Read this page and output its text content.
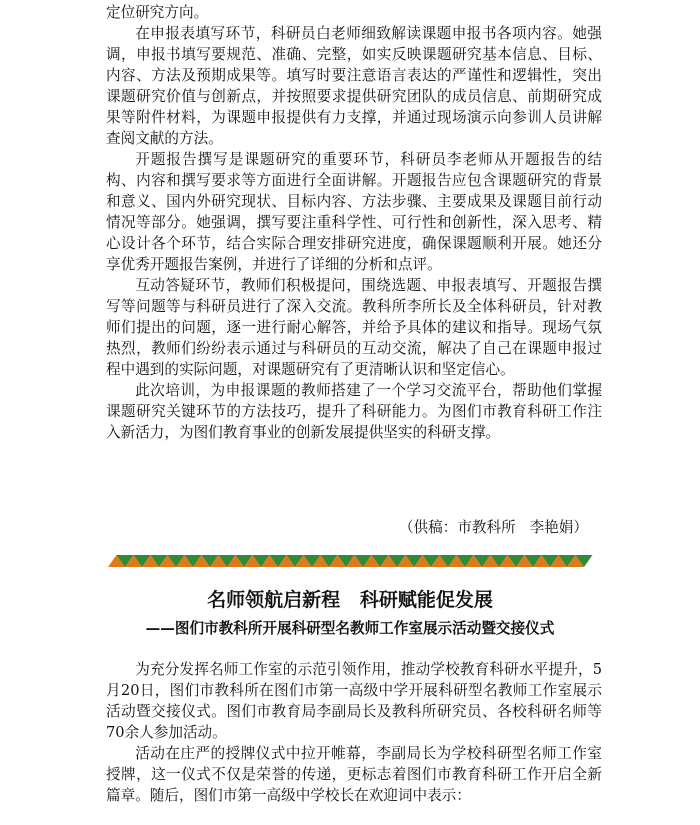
定位研究方向。

在申报表填写环节，科研员白老师细致解读课题申报书各项内容。她强调，申报书填写要规范、准确、完整，如实反映课题研究基本信息、目标、内容、方法及预期成果等。填写时要注意语言表达的严谨性和逻辑性，突出课题研究价值与创新点，并按照要求提供研究团队的成员信息、前期研究成果等附件材料，为课题申报提供有力支撑，并通过现场演示向参训人员讲解查阅文献的方法。

开题报告撰写是课题研究的重要环节，科研员李老师从开题报告的结构、内容和撰写要求等方面进行全面讲解。开题报告应包含课题研究的背景和意义、国内外研究现状、目标内容、方法步骤、主要成果及课题目前行动情况等部分。她强调，撰写要注重科学性、可行性和创新性，深入思考、精心设计各个环节，结合实际合理安排研究进度，确保课题顺利开展。她还分享优秀开题报告案例，并进行了详细的分析和点评。

互动答疑环节，教师们积极提问，围绕选题、申报表填写、开题报告撰写等问题等与科研员进行了深入交流。教科所李所长及全体科研员，针对教师们提出的问题，逐一进行耐心解答，并给予具体的建议和指导。现场气氛热烈，教师们纷纷表示通过与科研员的互动交流，解决了自己在课题申报过程中遇到的实际问题，对课题研究有了更清晰认识和坚定信心。

此次培训，为申报课题的教师搭建了一个学习交流平台，帮助他们掌握课题研究关键环节的方法技巧，提升了科研能力。为图们市教育科研工作注入新活力，为图们教育事业的创新发展提供坚实的科研支撑。

（供稿：市教科所   李艳娟）

名师领航启新程   科研赋能促发展
——图们市教科所开展科研型名教师工作室展示活动暨交接仪式

为充分发挥名师工作室的示范引领作用，推动学校教育科研水平提升，5月20日，图们市教科所在图们市第一高级中学开展科研型名教师工作室展示活动暨交接仪式。图们市教育局李副局长及教科所研究员、各校科研名师等70余人参加活动。

活动在庄严的授牌仪式中拉开帷幕，李副局长为学校科研型名师工作室授牌，这一仪式不仅是荣誉的传递，更标志着图们市教育科研工作开启全新篇章。随后，图们市第一高级中学校长在欢迎词中表示：
